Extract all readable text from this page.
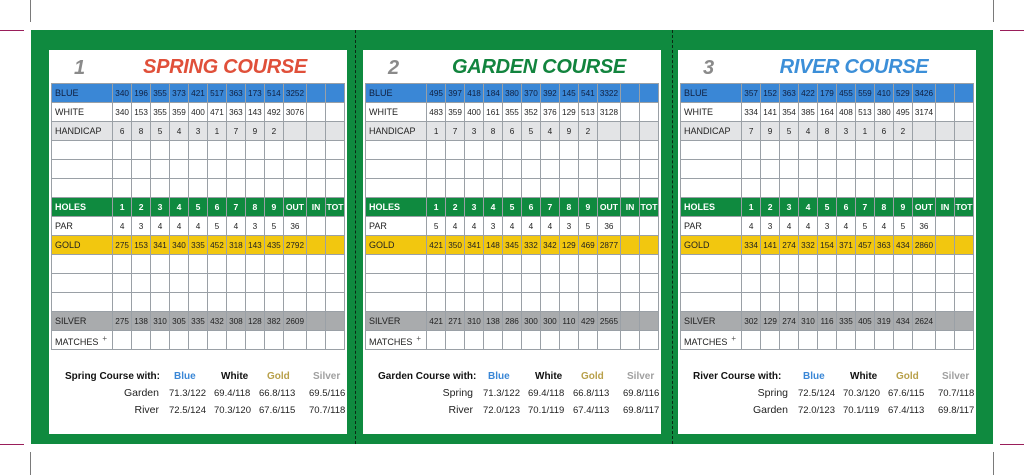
1	SPRING COURSE
BLUE	340	196	355	373	421	517	363	173	514	3252		
WHITE	340	153	355	359	400	471	363	143	492	3076		
HANDICAP	6	8	5	4	3	1	7	9	2			

HOLES	1	2	3	4	5	6	7	8	9	OUT	IN	TOT
PAR	4	3	4	4	4	5	4	3	5	36		
GOLD	275	153	341	340	335	452	318	143	435	2792		

SILVER	275	138	310	305	335	432	308	128	382	2609		
MATCHES +												
Spring Course with: Blue	White Gold Silver
Garden 71.3/122 69.4/118 66.8/113 69.5/116
River 72.5/124 70.3/120 67.6/115 70.7/118
2	GARDEN COURSE
BLUE	495	397	418	184	380	370	392	145	541	3322		
WHITE	483	359	400	161	355	352	376	129	513	3128		
HANDICAP	1	7	3	8	6	5	4	9	2			

HOLES	1	2	3	4	5	6	7	8	9	OUT	IN	TOT
PAR	5	4	4	3	4	4	4	3	5	36		
GOLD	421	350	341	148	345	332	342	129	469	2877		

SILVER	421	271	310	138	286	300	300	110	429	2565		
MATCHES +												
Garden Course with: Blue	White Gold Silver
Spring 71.3/122 69.4/118 66.8/113 69.8/116
River 72.0/123 70.1/119 67.4/113 69.8/117
3	RIVER COURSE
BLUE	357	152	363	422	179	455	559	410	529	3426		
WHITE	334	141	354	385	164	408	513	380	495	3174		
HANDICAP	7	9	5	4	8	3	1	6	2			

HOLES	1	2	3	4	5	6	7	8	9	OUT	IN	TOT
PAR	4	3	4	4	3	4	5	4	5	36		
GOLD	334	141	274	332	154	371	457	363	434	2860		

SILVER	302	129	274	310	116	335	405	319	434	2624		
MATCHES +												
River Course with: Blue	White Gold Silver
Spring 72.5/124 70.3/120 67.6/115 70.7/118
Garden 72.0/123 70.1/119 67.4/113 69.8/117
